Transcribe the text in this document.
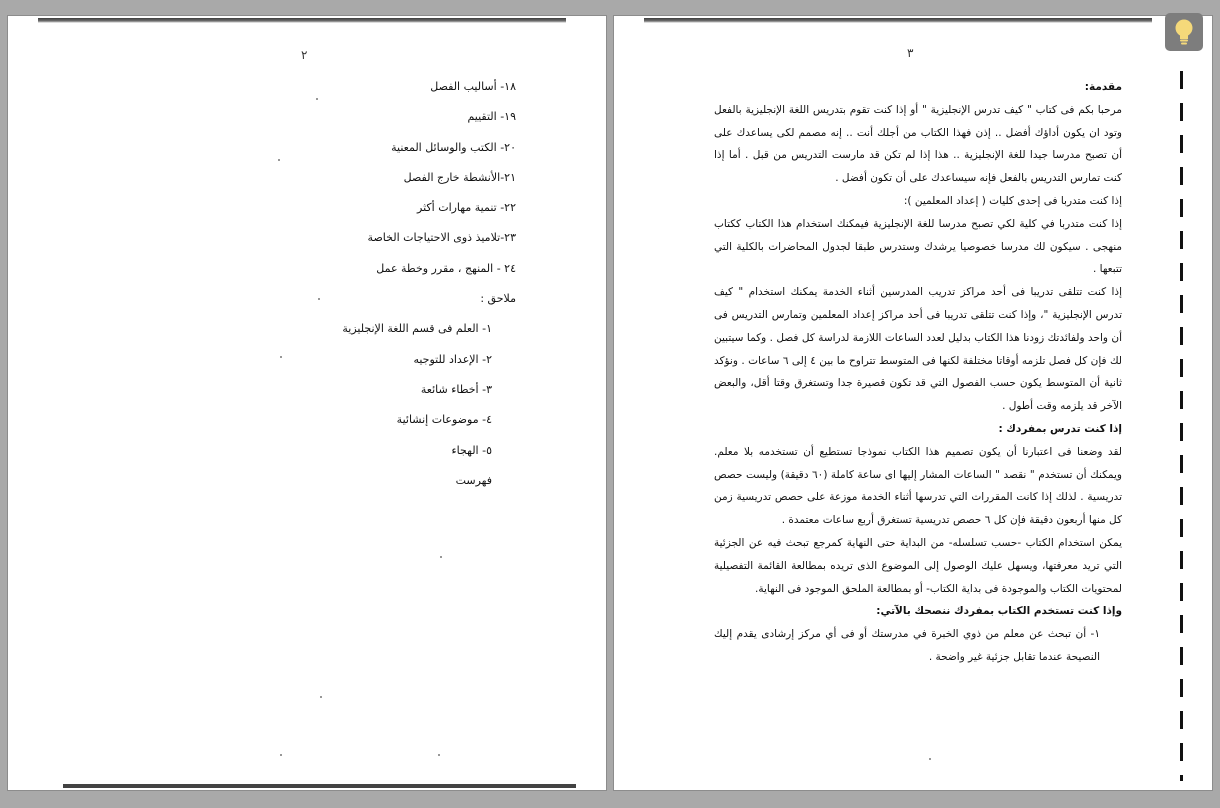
٢
١٨- أساليب الفصل
١٩- التقييم
٢٠- الكتب والوسائل المعنية
٢١-الأنشطة خارج الفصل
٢٢- تنمية مهارات أكثر
٢٣-تلاميذ ذوى الاحتياجات الخاصة
٢٤ - المنهج ، مقرر وخطة عمل
ملاحق :
١- العلم فى قسم اللغة الإنجليزية
٢- الإعداد للتوجيه
٣- أخطاء شائعة
٤- موضوعات إنشائية
٥- الهجاء
فهرست
٣

مقدمة:

مرحبا بكم فى كتاب " كيف تدرس الإنجليزية " أو إذا كنت تقوم بتدريس اللغة الإنجليزية بالفعل وتود ان يكون أداؤك أفضل .. إذن فهذا الكتاب من أجلك أنت .. إنه مصمم لكى يساعدك على أن تصبح مدرسا جيدا للغة الإنجليزية .. هذا إذا لم تكن قد مارست التدريس من قبل . أما إذا كنت تمارس التدريس بالفعل فإنه سيساعدك على أن تكون أفضل .

إذا كنت متدربا فى إحدى كليات ( إعداد المعلمين ):

إذا كنت متدربا في كلية لكي تصبح مدرسا للغة الإنجليزية فيمكنك استخدام هذا الكتاب ككتاب منهجى . سيكون لك مدرسا خصوصيا يرشدك وستدرس طبقا لجدول المحاضرات بالكلية التي تتبعها .

إذا كنت تتلقى تدريبا فى أحد مراكز تدريب المدرسين أثناء الخدمة يمكنك استخدام " كيف تدرس الإنجليزية "، وإذا كنت تتلقى تدريبا فى أحد مراكز إعداد المعلمين وتمارس التدريس فى أن واحد ولفائدتك زودنا هذا الكتاب بدليل لعدد الساعات اللازمة لدراسة كل فصل . وكما سيتبين لك فإن كل فصل تلزمه أوقاتا مختلفة لكنها فى المتوسط تتراوح ما بين ٤ إلى ٦ ساعات . ونؤكد ثانية أن المتوسط يكون حسب الفصول التي قد تكون قصيرة جدا وتستغرق وقتا أقل، والبعض الآخر قد يلزمه وقت أطول .

إذا كنت تدرس بمفردك :

لقد وضعنا فى اعتبارنا أن يكون تصميم هذا الكتاب نموذجا تستطيع أن تستخدمه بلا معلم. ويمكنك أن تستخدم " نقصد " الساعات المشار إليها اى ساعة كاملة (٦٠ دقيقة) وليست حصص تدريسية . لذلك إذا كانت المقررات التي تدرسها أثناء الخدمة موزعة على حصص تدريسية زمن كل منها أربعون دقيقة فإن كل ٦ حصص تدريسية تستغرق أربع ساعات معتمدة .

يمكن استخدام الكتاب -حسب تسلسله- من البداية حتى النهاية كمرجع تبحث فيه عن الجزئية التي تريد معرفتها، ويسهل عليك الوصول إلى الموضوع الذى تريده بمطالعة القائمة التفصيلية لمحتويات الكتاب والموجودة فى بداية الكتاب- أو بمطالعة الملحق الموجود فى النهاية.

وإذا كنت تستخدم الكتاب بمفردك ننصحك بالآتي:

١- أن تبحث عن معلم من ذوي الخبرة في مدرستك أو فى أي مركز إرشادى يقدم إليك النصيحة عندما تقابل جزئية غير واضحة .
